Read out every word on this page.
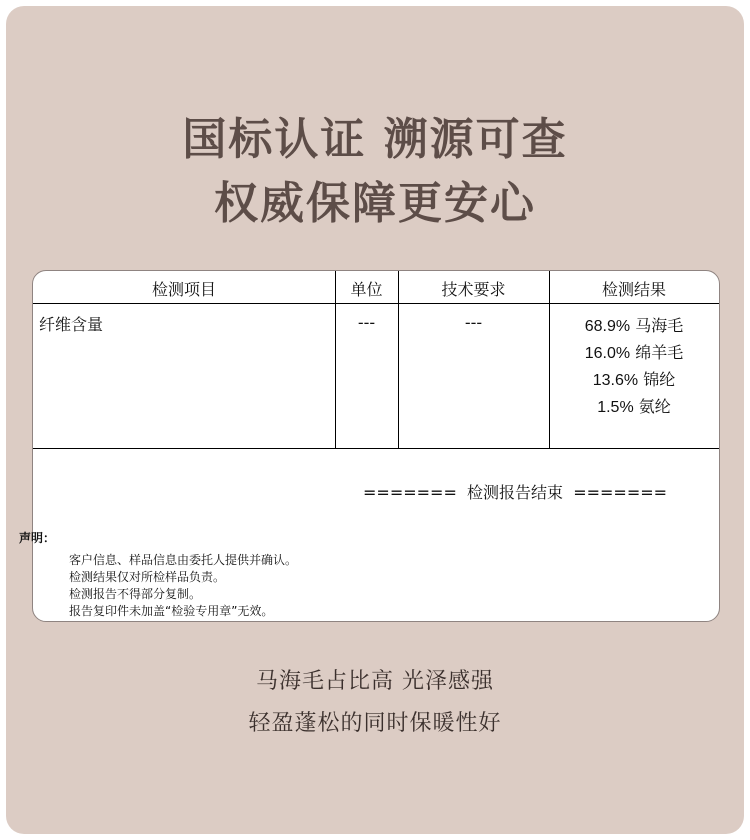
国标认证 溯源可查
权威保障更安心
检测项目	单位	技术要求	检测结果
纤维含量	---	---	68.9% 马海毛
16.0% 绵羊毛
13.6% 锦纶
1.5% 氨纶
=======  检测报告结束  =======
声明：
客户信息、样品信息由委托人提供并确认。
检测结果仅对所检样品负责。
检测报告不得部分复制。
报告复印件未加盖“检验专用章”无效。
马海毛占比高 光泽感强
轻盈蓬松的同时保暖性好
